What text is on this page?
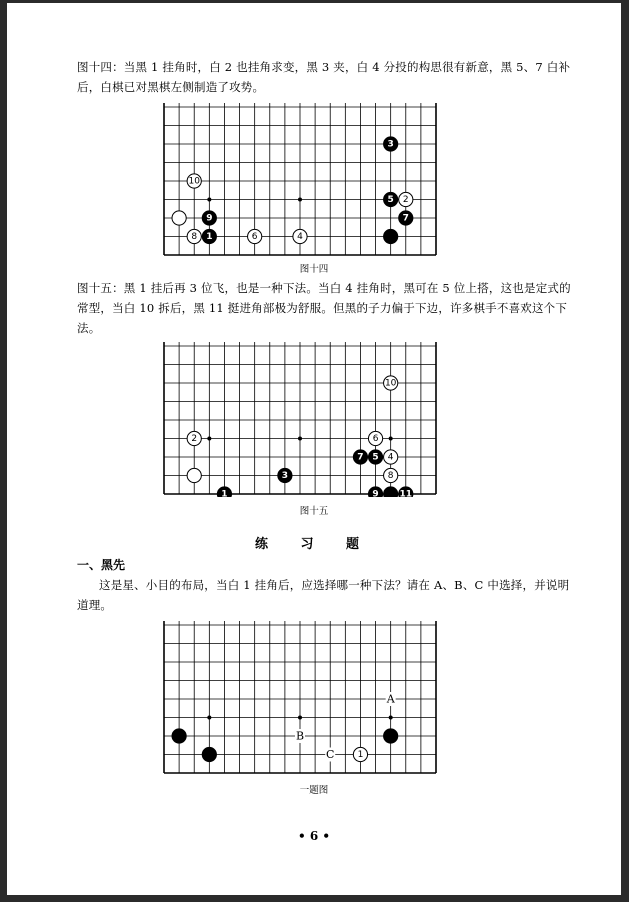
图十四：当黑 1 挂角时，白 2 也挂角求变，黑 3 夹，白 4 分投的构思很有新意，黑 5、7 白补后，白棋已对黑棋左侧制造了攻势。
3
10
5 2
9	7
8 1	6	4
图十四
图十五：黑 1 挂后再 3 位飞，也是一种下法。当白 4 挂角时，黑可在 5 位上搭，这也是定式的常型，当白 10 拆后，黑 11 挺进角部极为舒服。但黑的子力偏于下边，许多棋手不喜欢这个下法。
10
2	6
7 5 4
3	8
1	9 11
图十五
练 习 题
一、黑先
这是星、小目的布局，当白 1 挂角后，应选择哪一种下法？请在 A、B、C 中选择，并说明道理。
1
A
B
C
一题图
• 6 •
